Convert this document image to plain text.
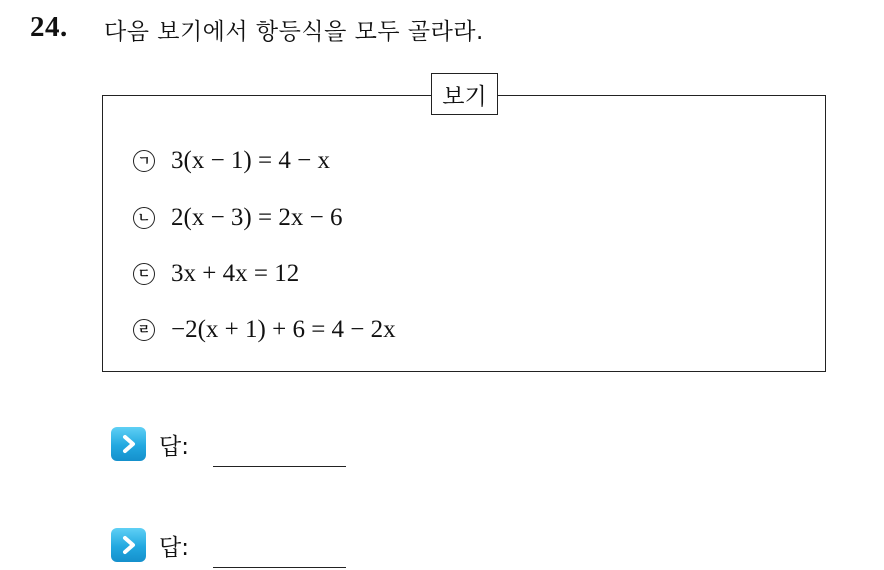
24. 다음 보기에서 항등식을 모두 골라라.
보기
ㄱ 3(x − 1) = 4 − x
ㄴ 2(x − 3) = 2x − 6
ㄷ 3x + 4x = 12
ㄹ −2(x + 1) + 6 = 4 − 2x
답:
답:
